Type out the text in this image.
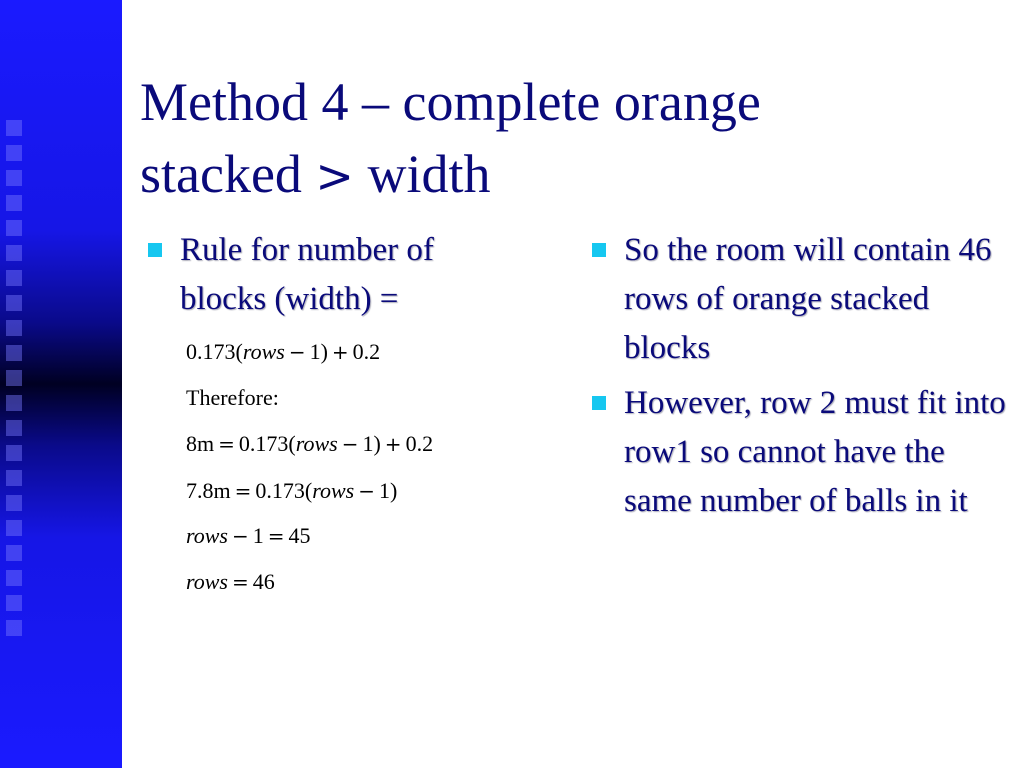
Method 4 – complete orange
stacked > width
Rule for number of blocks (width) =
0.173(rows − 1) + 0.2
Therefore:
8m = 0.173(rows − 1) + 0.2
7.8m = 0.173(rows − 1)
rows − 1 = 45
rows = 46
So the room will contain 46 rows of orange stacked blocks
However, row 2 must fit into row1 so cannot have the same number of balls in it
